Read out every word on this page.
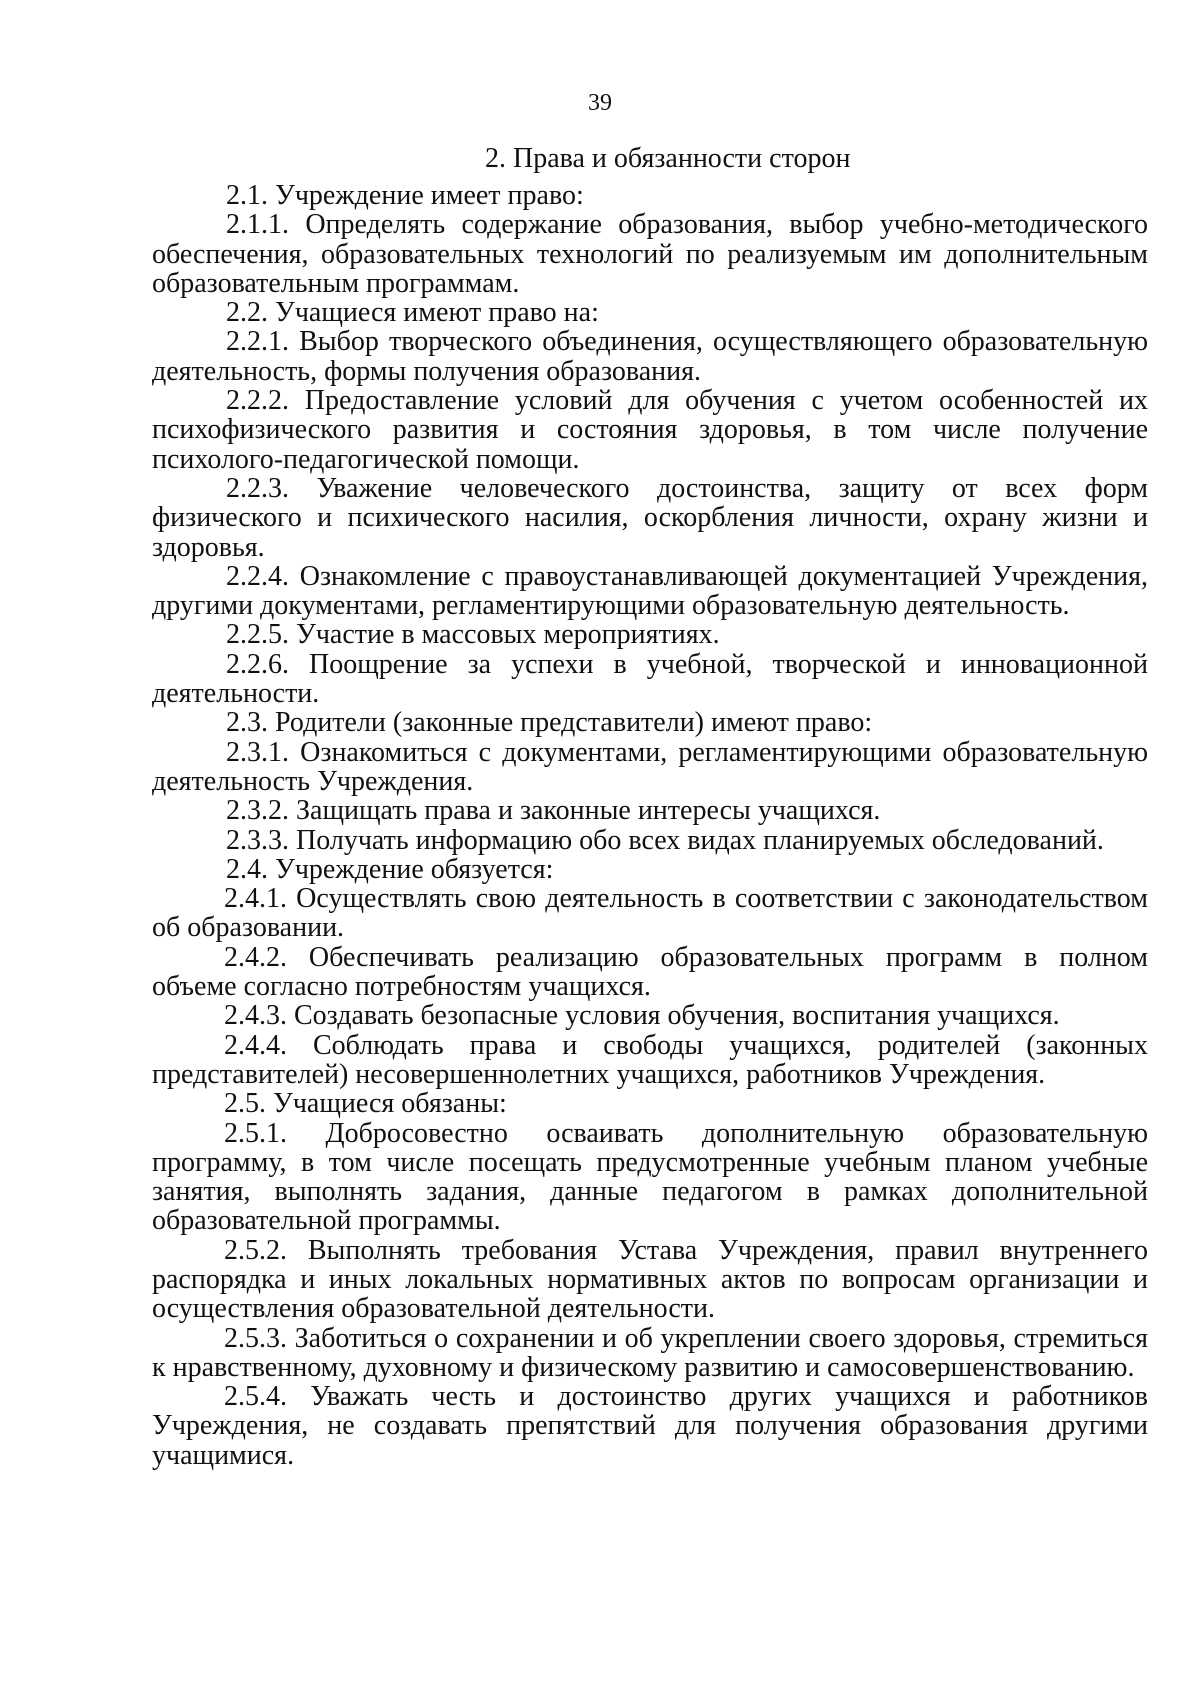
39
2. Права и обязанности сторон

2.1. Учреждение имеет право:

2.1.1. Определять содержание образования, выбор учебно-методического обеспечения, образовательных технологий по реализуемым им дополнительным образовательным программам.

2.2. Учащиеся имеют право на:

2.2.1. Выбор творческого объединения, осуществляющего образовательную деятельность, формы получения образования.

2.2.2. Предоставление условий для обучения с учетом особенностей их психофизического развития и состояния здоровья, в том числе получение психолого-педагогической помощи.

2.2.3. Уважение человеческого достоинства, защиту от всех форм физического и психического насилия, оскорбления личности, охрану жизни и здоровья.

2.2.4. Ознакомление с правоустанавливающей документацией Учреждения, другими документами, регламентирующими образовательную деятельность.

2.2.5. Участие в массовых мероприятиях.

2.2.6. Поощрение за успехи в учебной, творческой и инновационной деятельности.

2.3. Родители (законные представители) имеют право:

2.3.1. Ознакомиться с документами, регламентирующими образовательную деятельность Учреждения.

2.3.2. Защищать права и законные интересы учащихся.

2.3.3. Получать информацию обо всех видах планируемых обследований.

2.4. Учреждение обязуется:

2.4.1. Осуществлять свою деятельность в соответствии с законодательством об образовании.

2.4.2. Обеспечивать реализацию образовательных программ в полном объеме согласно потребностям учащихся.

2.4.3. Создавать безопасные условия обучения, воспитания учащихся.

2.4.4. Соблюдать права и свободы учащихся, родителей (законных представителей) несовершеннолетних учащихся, работников Учреждения.

2.5. Учащиеся обязаны:

2.5.1. Добросовестно осваивать дополнительную образовательную программу, в том числе посещать предусмотренные учебным планом учебные занятия, выполнять задания, данные педагогом в рамках дополнительной образовательной программы.

2.5.2. Выполнять требования Устава Учреждения, правил внутреннего распорядка и иных локальных нормативных актов по вопросам организации и осуществления образовательной деятельности.

2.5.3. Заботиться о сохранении и об укреплении своего здоровья, стремиться к нравственному, духовному и физическому развитию и самосовершенствованию.

2.5.4. Уважать честь и достоинство других учащихся и работников Учреждения, не создавать препятствий для получения образования другими учащимися.
